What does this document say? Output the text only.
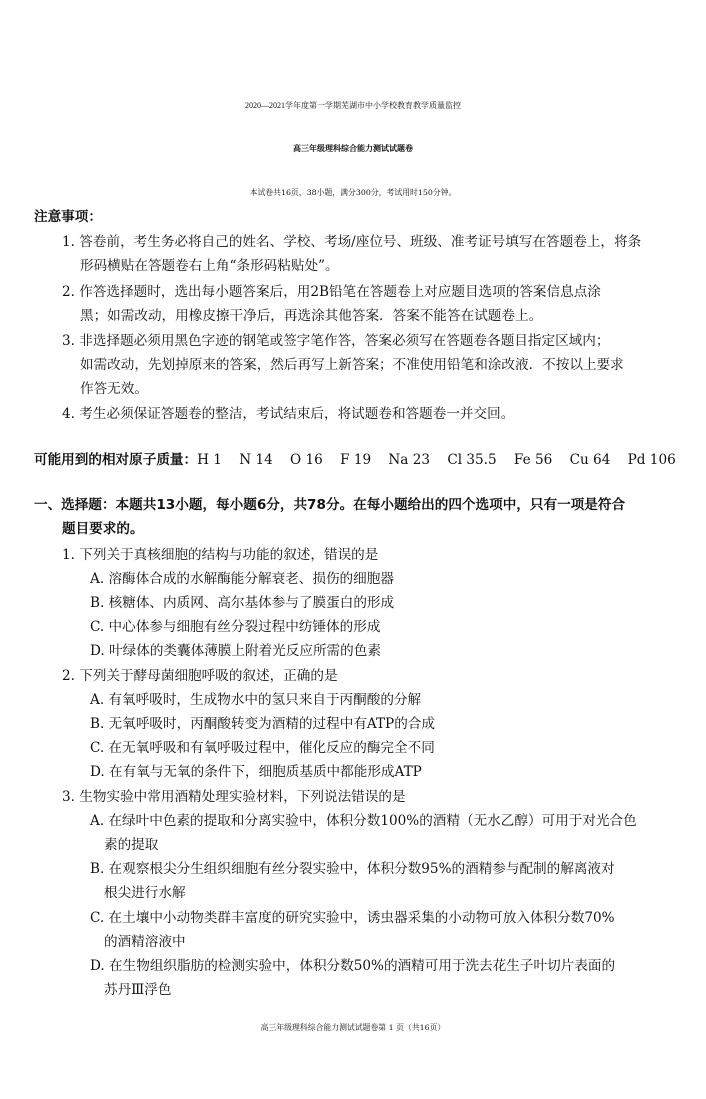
2020—2021学年度第一学期芜湖市中小学校教育教学质量监控
高三年级理科综合能力测试试题卷
本试卷共16页，38小题，满分300分，考试用时150分钟。
注意事项：
1. 答卷前，考生务必将自己的姓名、学校、考场/座位号、班级、准考证号填写在答题卷上，将条
形码横贴在答题卷右上角“条形码粘贴处”。
2. 作答选择题时，选出每小题答案后，用2B铅笔在答题卷上对应题目选项的答案信息点涂
黑；如需改动，用橡皮擦干净后，再选涂其他答案．答案不能答在试题卷上。
3. 非选择题必须用黑色字迹的钢笔或签字笔作答，答案必须写在答题卷各题目指定区域内；
如需改动，先划掉原来的答案，然后再写上新答案；不准使用铅笔和涂改液．不按以上要求
作答无效。
4. 考生必须保证答题卷的整洁，考试结束后，将试题卷和答题卷一并交回。
可能用到的相对原子质量：H 1    N 14    O 16    F 19    Na 23    Cl 35.5    Fe 56    Cu 64    Pd 106
一、选择题：本题共13小题，每小题6分，共78分。在每小题给出的四个选项中，只有一项是符合
题目要求的。
1. 下列关于真核细胞的结构与功能的叙述，错误的是
A. 溶酶体合成的水解酶能分解衰老、损伤的细胞器
B. 核糖体、内质网、高尔基体参与了膜蛋白的形成
C. 中心体参与细胞有丝分裂过程中纺锤体的形成
D. 叶绿体的类囊体薄膜上附着光反应所需的色素
2. 下列关于酵母菌细胞呼吸的叙述，正确的是
A. 有氧呼吸时，生成物水中的氢只来自于丙酮酸的分解
B. 无氧呼吸时，丙酮酸转变为酒精的过程中有ATP的合成
C. 在无氧呼吸和有氧呼吸过程中，催化反应的酶完全不同
D. 在有氧与无氧的条件下，细胞质基质中都能形成ATP
3. 生物实验中常用酒精处理实验材料，下列说法错误的是
A. 在绿叶中色素的提取和分离实验中，体积分数100%的酒精（无水乙醇）可用于对光合色
素的提取
B. 在观察根尖分生组织细胞有丝分裂实验中，体积分数95%的酒精参与配制的解离液对
根尖进行水解
C. 在土壤中小动物类群丰富度的研究实验中，诱虫器采集的小动物可放入体积分数70%
的酒精溶液中
D. 在生物组织脂肪的检测实验中，体积分数50%的酒精可用于洗去花生子叶切片表面的
苏丹Ⅲ浮色
高三年级理科综合能力测试试题卷第 1 页（共16页）
